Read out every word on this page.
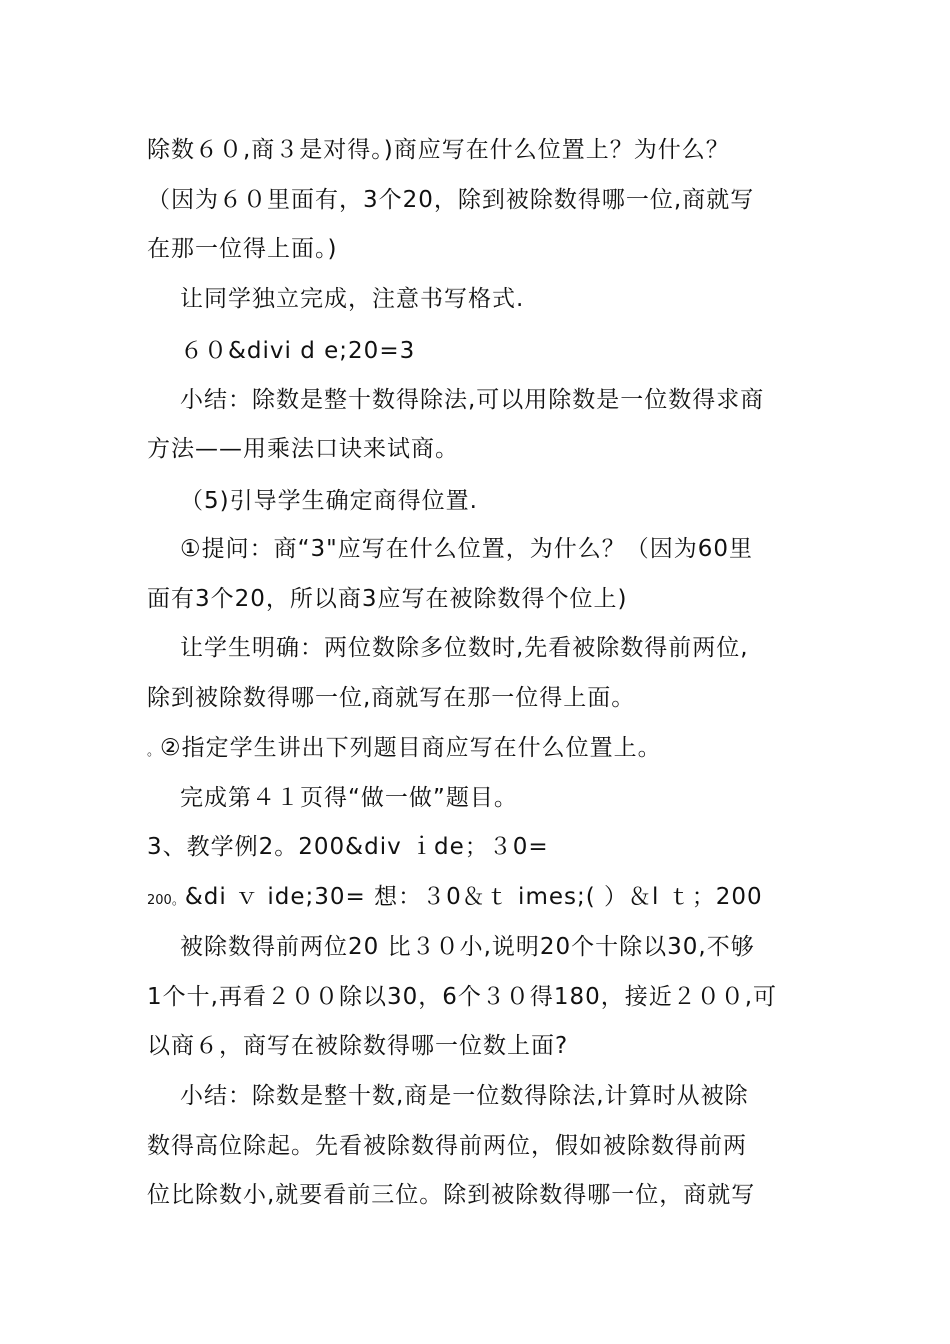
除数６０,商３是对得。)商应写在什么位置上？为什么？
（因为６０里面有，3个20，除到被除数得哪一位,商就写
在那一位得上面。)
让同学独立完成，注意书写格式.
６０&divi d e;20=3
小结：除数是整十数得除法,可以用除数是一位数得求商
方法——用乘法口诀来试商。
（5)引导学生确定商得位置.
①提问：商“3"应写在什么位置，为什么？（因为60里
面有3个20，所以商3应写在被除数得个位上)
让学生明确：两位数除多位数时,先看被除数得前两位,
除到被除数得哪一位,商就写在那一位得上面。
。②指定学生讲出下列题目商应写在什么位置上。
完成第４１页得“做一做”题目。
3、教学例2。200&div ｉde；３0=
200。&di ｖ ide;30= 想：３0＆ｔ imes;( ）＆l ｔ；200
被除数得前两位20 比３０小,说明20个十除以30,不够
1个十,再看２００除以30，6个３０得180，接近２００,可
以商６，商写在被除数得哪一位数上面?
小结：除数是整十数,商是一位数得除法,计算时从被除
数得高位除起。先看被除数得前两位，假如被除数得前两
位比除数小,就要看前三位。除到被除数得哪一位，商就写
